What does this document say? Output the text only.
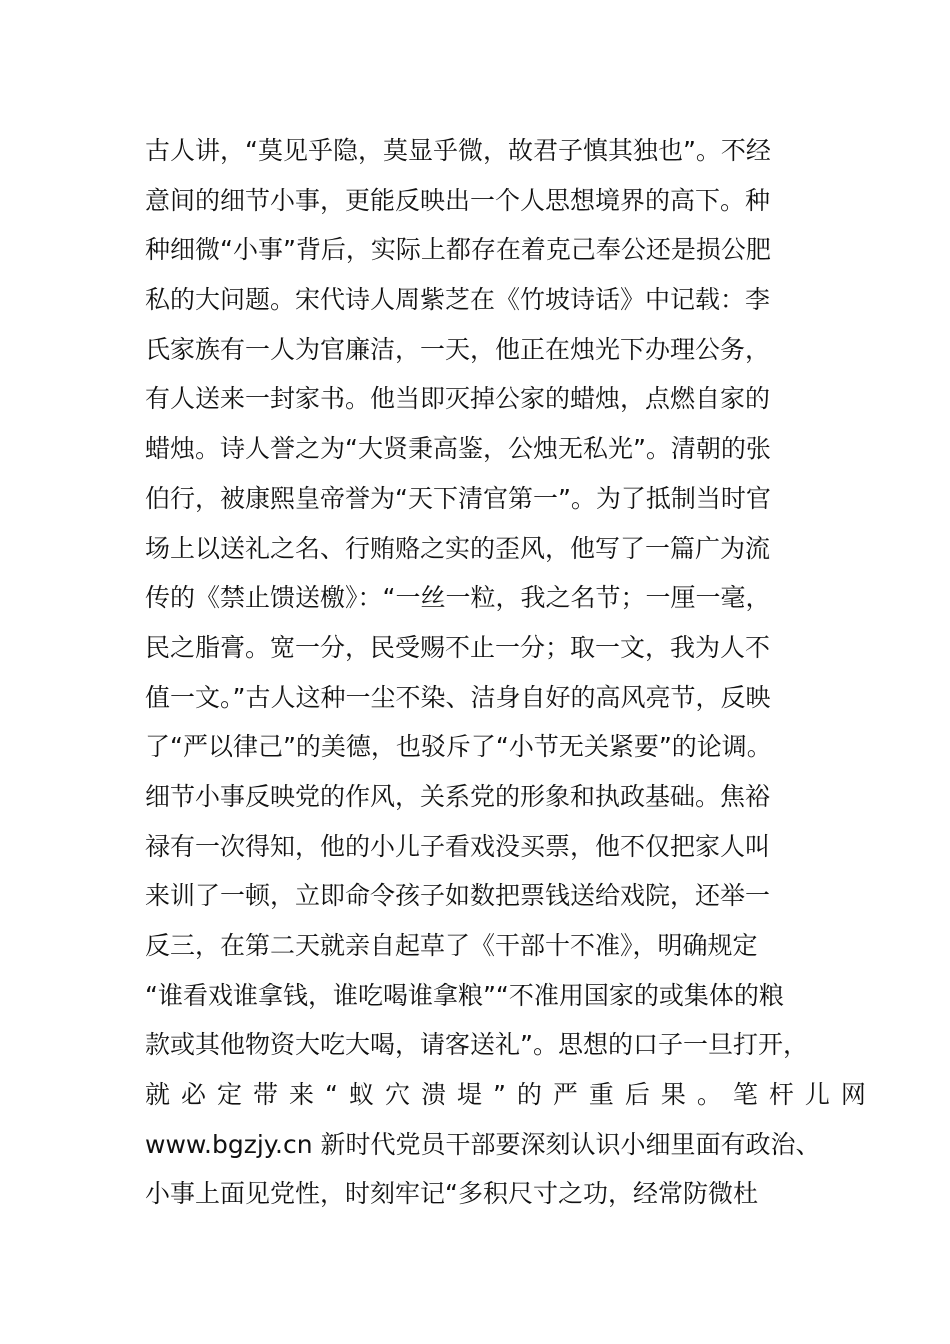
古人讲，“莫见乎隐，莫显乎微，故君子慎其独也”。不经
意间的细节小事，更能反映出一个人思想境界的高下。种
种细微“小事”背后，实际上都存在着克己奉公还是损公肥
私的大问题。宋代诗人周紫芝在《竹坡诗话》中记载：李
氏家族有一人为官廉洁，一天，他正在烛光下办理公务，
有人送来一封家书。他当即灭掉公家的蜡烛，点燃自家的
蜡烛。诗人誉之为“大贤秉高鉴，公烛无私光”。清朝的张
伯行，被康熙皇帝誉为“天下清官第一”。为了抵制当时官
场上以送礼之名、行贿赂之实的歪风，他写了一篇广为流
传的《禁止馈送檄》：“一丝一粒，我之名节；一厘一毫，
民之脂膏。宽一分，民受赐不止一分；取一文，我为人不
值一文。”古人这种一尘不染、洁身自好的高风亮节，反映
了“严以律己”的美德，也驳斥了“小节无关紧要”的论调。
细节小事反映党的作风，关系党的形象和执政基础。焦裕
禄有一次得知，他的小儿子看戏没买票，他不仅把家人叫
来训了一顿，立即命令孩子如数把票钱送给戏院，还举一
反三，在第二天就亲自起草了《干部十不准》，明确规定
“谁看戏谁拿钱，谁吃喝谁拿粮”“不准用国家的或集体的粮
款或其他物资大吃大喝，请客送礼”。思想的口子一旦打开，
就必定带来“蚁穴溃堤”的严重后果。笔杆儿网
www.bgzjy.cn 新时代党员干部要深刻认识小细里面有政治、
小事上面见党性，时刻牢记“多积尺寸之功，经常防微杜
